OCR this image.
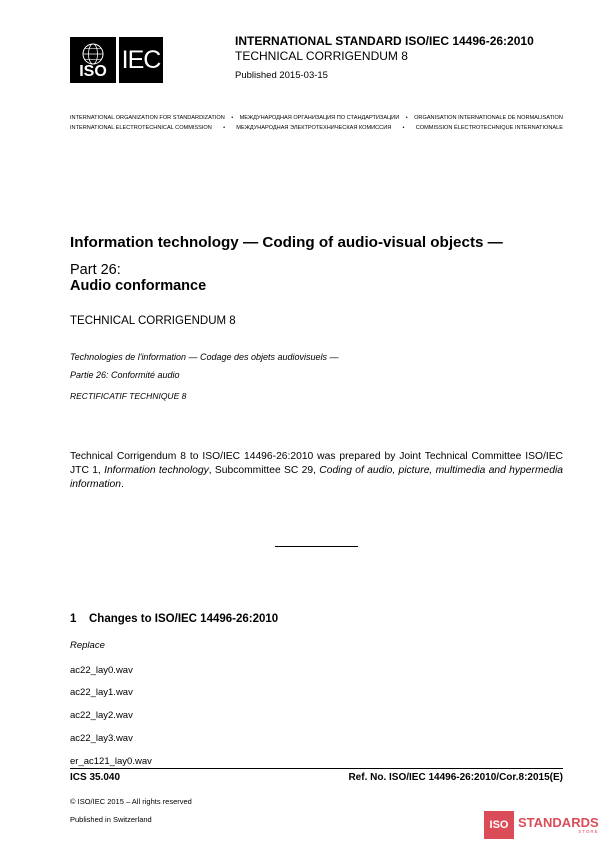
ISO IEC
INTERNATIONAL STANDARD ISO/IEC 14496-26:2010
TECHNICAL CORRIGENDUM 8
Published 2015-03-15
INTERNATIONAL ORGANIZATION FOR STANDARDIZATION • МЕЖДУНАРОДНАЯ ОРГАНИЗАЦИЯ ПО СТАНДАРТИЗАЦИИ • ORGANISATION INTERNATIONALE DE NORMALISATION
INTERNATIONAL ELECTROTECHNICAL COMMISSION • МЕЖДУНАРОДНАЯ ЭЛЕКТРОТЕХНИЧЕСКАЯ КОМИССИЯ • COMMISSION ÉLECTROTECHNIQUE INTERNATIONALE
Information technology — Coding of audio-visual objects —
Part 26:
Audio conformance
TECHNICAL CORRIGENDUM 8
Technologies de l'information — Codage des objets audiovisuels —
Partie 26: Conformité audio
RECTIFICATIF TECHNIQUE 8
Technical Corrigendum 8 to ISO/IEC 14496-26:2010 was prepared by Joint Technical Committee ISO/IEC JTC 1, Information technology, Subcommittee SC 29, Coding of audio, picture, multimedia and hypermedia information.
1 Changes to ISO/IEC 14496-26:2010
Replace
ac22_lay0.wav
ac22_lay1.wav
ac22_lay2.wav
ac22_lay3.wav
er_ac121_lay0.wav
ICS 35.040	Ref. No. ISO/IEC 14496-26:2010/Cor.8:2015(E)
© ISO/IEC 2015 – All rights reserved
Published in Switzerland	ISO STANDARDS
STORE
